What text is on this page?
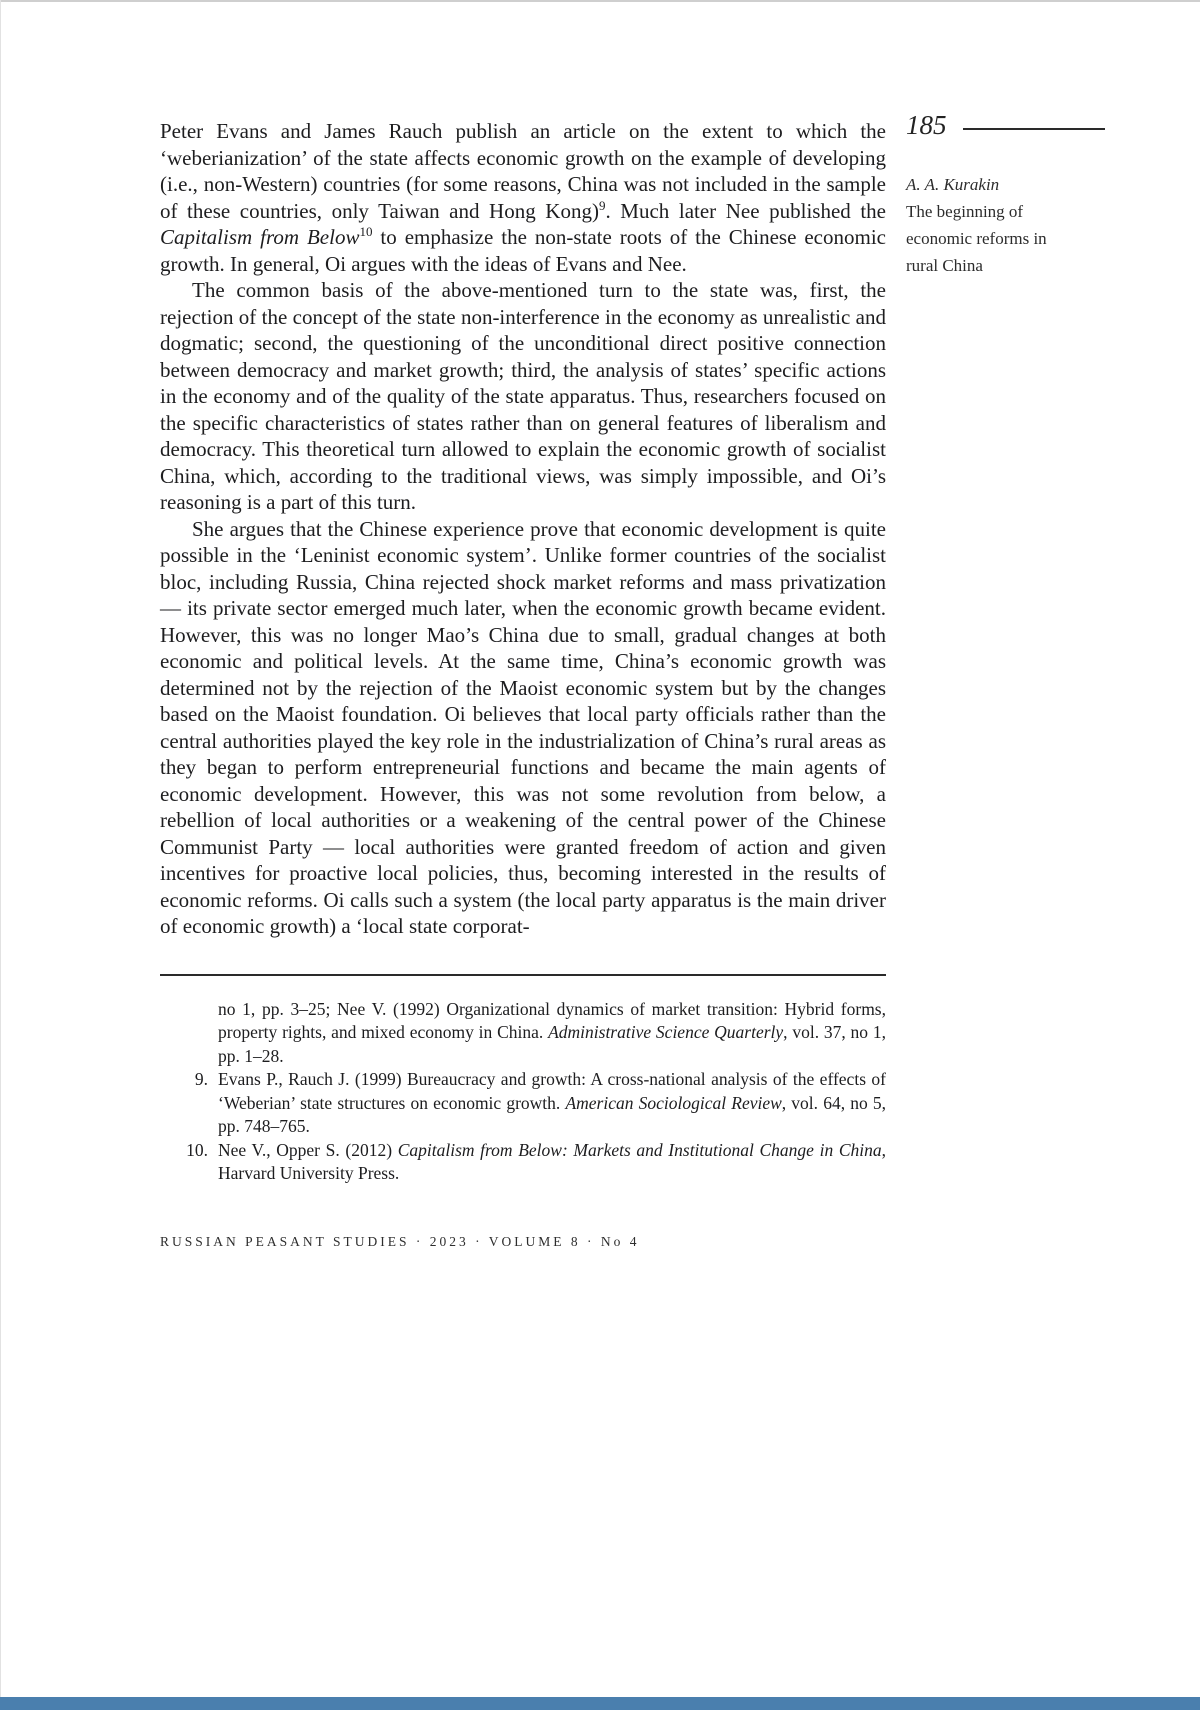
Peter Evans and James Rauch publish an article on the extent to which the ‘weberianization’ of the state affects economic growth on the example of developing (i.e., non-Western) countries (for some reasons, China was not included in the sample of these countries, only Taiwan and Hong Kong)$^9$. Much later Nee published the Capitalism from Below$^{10}$ to emphasize the non-state roots of the Chinese economic growth. In general, Oi argues with the ideas of Evans and Nee.

The common basis of the above-mentioned turn to the state was, first, the rejection of the concept of the state non-interference in the economy as unrealistic and dogmatic; second, the questioning of the unconditional direct positive connection between democracy and market growth; third, the analysis of states’ specific actions in the economy and of the quality of the state apparatus. Thus, researchers focused on the specific characteristics of states rather than on general features of liberalism and democracy. This theoretical turn allowed to explain the economic growth of socialist China, which, according to the traditional views, was simply impossible, and Oi’s reasoning is a part of this turn.

She argues that the Chinese experience prove that economic development is quite possible in the ‘Leninist economic system’. Unlike former countries of the socialist bloc, including Russia, China rejected shock market reforms and mass privatization — its private sector emerged much later, when the economic growth became evident. However, this was no longer Mao’s China due to small, gradual changes at both economic and political levels. At the same time, China’s economic growth was determined not by the rejection of the Maoist economic system but by the changes based on the Maoist foundation. Oi believes that local party officials rather than the central authorities played the key role in the industrialization of China’s rural areas as they began to perform entrepreneurial functions and became the main agents of economic development. However, this was not some revolution from below, a rebellion of local authorities or a weakening of the central power of the Chinese Communist Party — local authorities were granted freedom of action and given incentives for proactive local policies, thus, becoming interested in the results of economic reforms. Oi calls such a system (the local party apparatus is the main driver of economic growth) a ‘local state corporat-

no 1, pp. 3–25; Nee V. (1992) Organizational dynamics of market transition: Hybrid forms, property rights, and mixed economy in China. Administrative Science Quarterly, vol. 37, no 1, pp. 1–28.
9. Evans P., Rauch J. (1999) Bureaucracy and growth: A cross-national analysis of the effects of ‘Weberian’ state structures on economic growth. American Sociological Review, vol. 64, no 5, pp. 748–765.
10. Nee V., Opper S. (2012) Capitalism from Below: Markets and Institutional Change in China, Harvard University Press.
RUSSIAN PEASANT STUDIES · 2023 · VOLUME 8 · No 4
185
A. A. Kurakin
The beginning of economic reforms in rural China
